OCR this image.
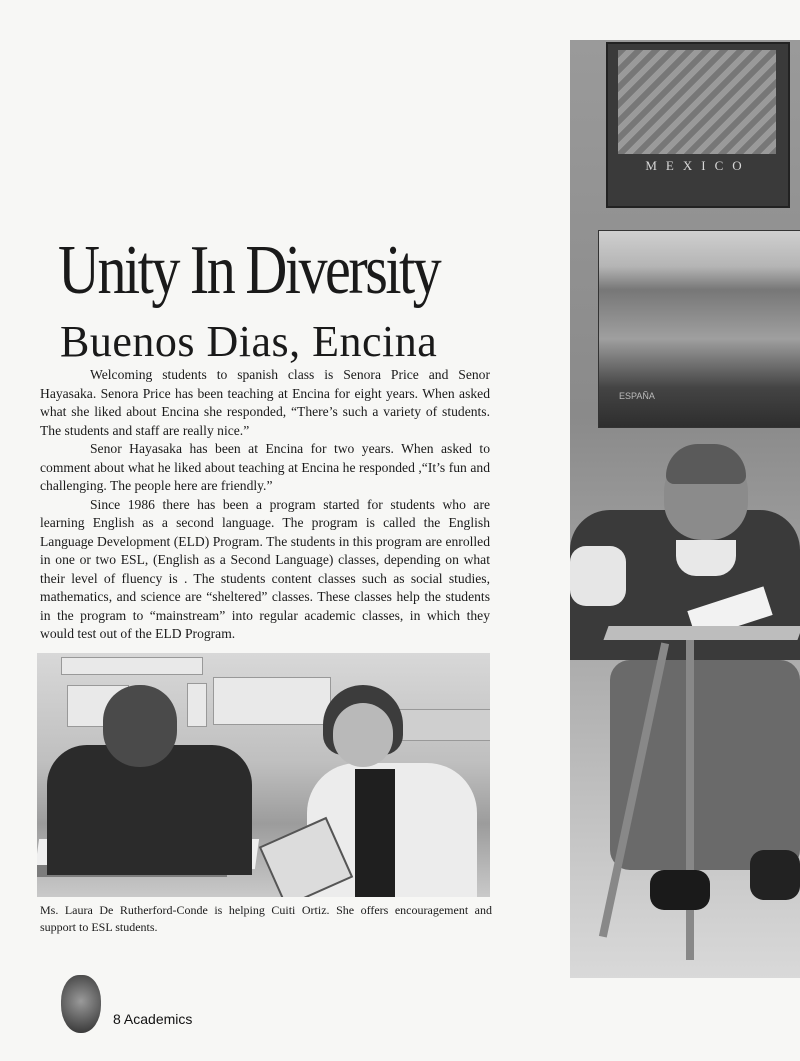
MEXICO
ESPAÑA
Unity In Diversity
Buenos Dias, Encina

Welcoming students to spanish class is Senora Price and Senor Hayasaka. Senora Price has been teaching at Encina for eight years. When asked what she liked about Encina she responded, “There’s such a variety of students. The students and staff are really nice.”

Senor Hayasaka has been at Encina for two years. When asked to comment about what he liked about teaching at Encina he responded ,“It’s fun and challenging. The people here are friendly.”

Since 1986 there has been a program started for students who are learning English as a second language. The program is called the English Language Development (ELD) Program. The students in this program are enrolled in one or two ESL, (English as a Second Language) classes, depending on what their level of fluency is . The students content classes such as social studies, mathematics, and science are “sheltered” classes. These classes help the students in the program to “mainstream” into regular academic classes, in which they would test out of the ELD Program.

Ms. Laura De Rutherford-Conde is helping Cuiti Ortiz. She offers encouragement and support to ESL students.
8 Academics
